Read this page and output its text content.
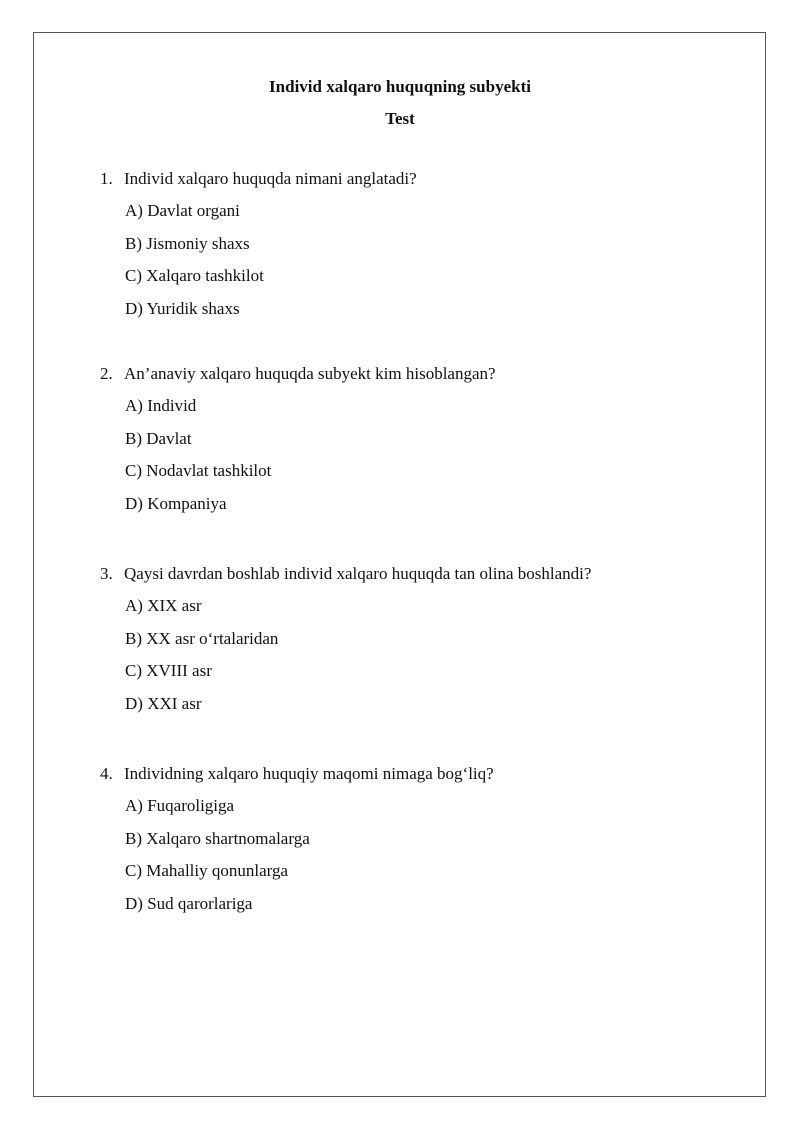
Individ xalqaro huquqning subyekti
Test
1. Individ xalqaro huquqda nimani anglatadi?
A) Davlat organi
B) Jismoniy shaxs
C) Xalqaro tashkilot
D) Yuridik shaxs
2. An’anaviy xalqaro huquqda subyekt kim hisoblangan?
A) Individ
B) Davlat
C) Nodavlat tashkilot
D) Kompaniya
3. Qaysi davrdan boshlab individ xalqaro huquqda tan olina boshlandi?
A) XIX asr
B) XX asr o‘rtalaridan
C) XVIII asr
D) XXI asr
4. Individning xalqaro huquqiy maqomi nimaga bog‘liq?
A) Fuqaroligiga
B) Xalqaro shartnomalarga
C) Mahalliy qonunlarga
D) Sud qarorlariga
